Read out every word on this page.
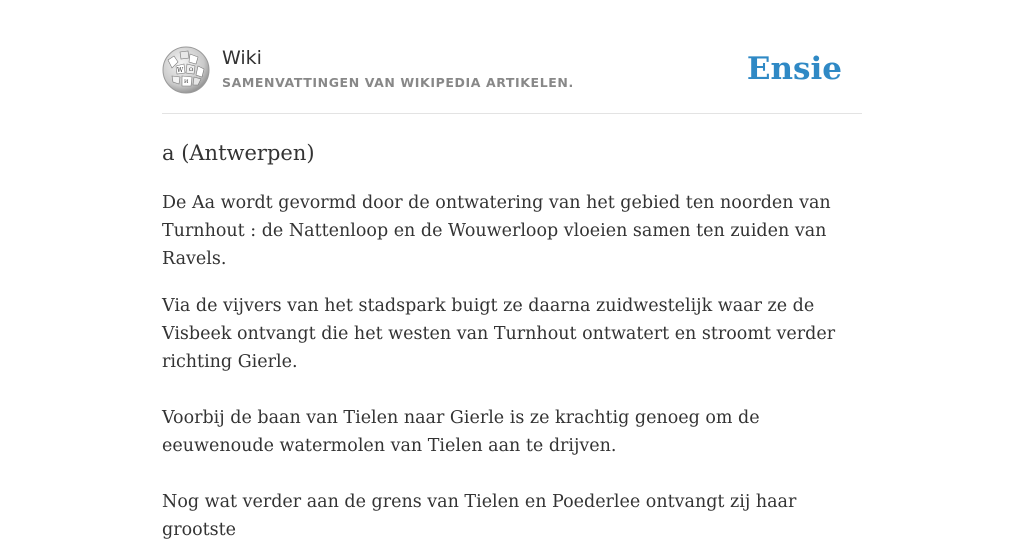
W Ω
И
Wiki
SAMENVATTINGEN VAN WIKIPEDIA ARTIKELEN.	Ensie
a (Antwerpen)

De Aa wordt gevormd door de ontwatering van het gebied ten noorden van Turnhout : de Nattenloop en de Wouwerloop vloeien samen ten zuiden van Ravels.

Via de vijvers van het stadspark buigt ze daarna zuidwestelijk waar ze de Visbeek ontvangt die het westen van Turnhout ontwatert en stroomt verder richting Gierle.

Voorbij de baan van Tielen naar Gierle is ze krachtig genoeg om de eeuwenoude watermolen van Tielen aan te drijven.

Nog wat verder aan de grens van Tielen en Poederlee ontvangt zij haar grootste
